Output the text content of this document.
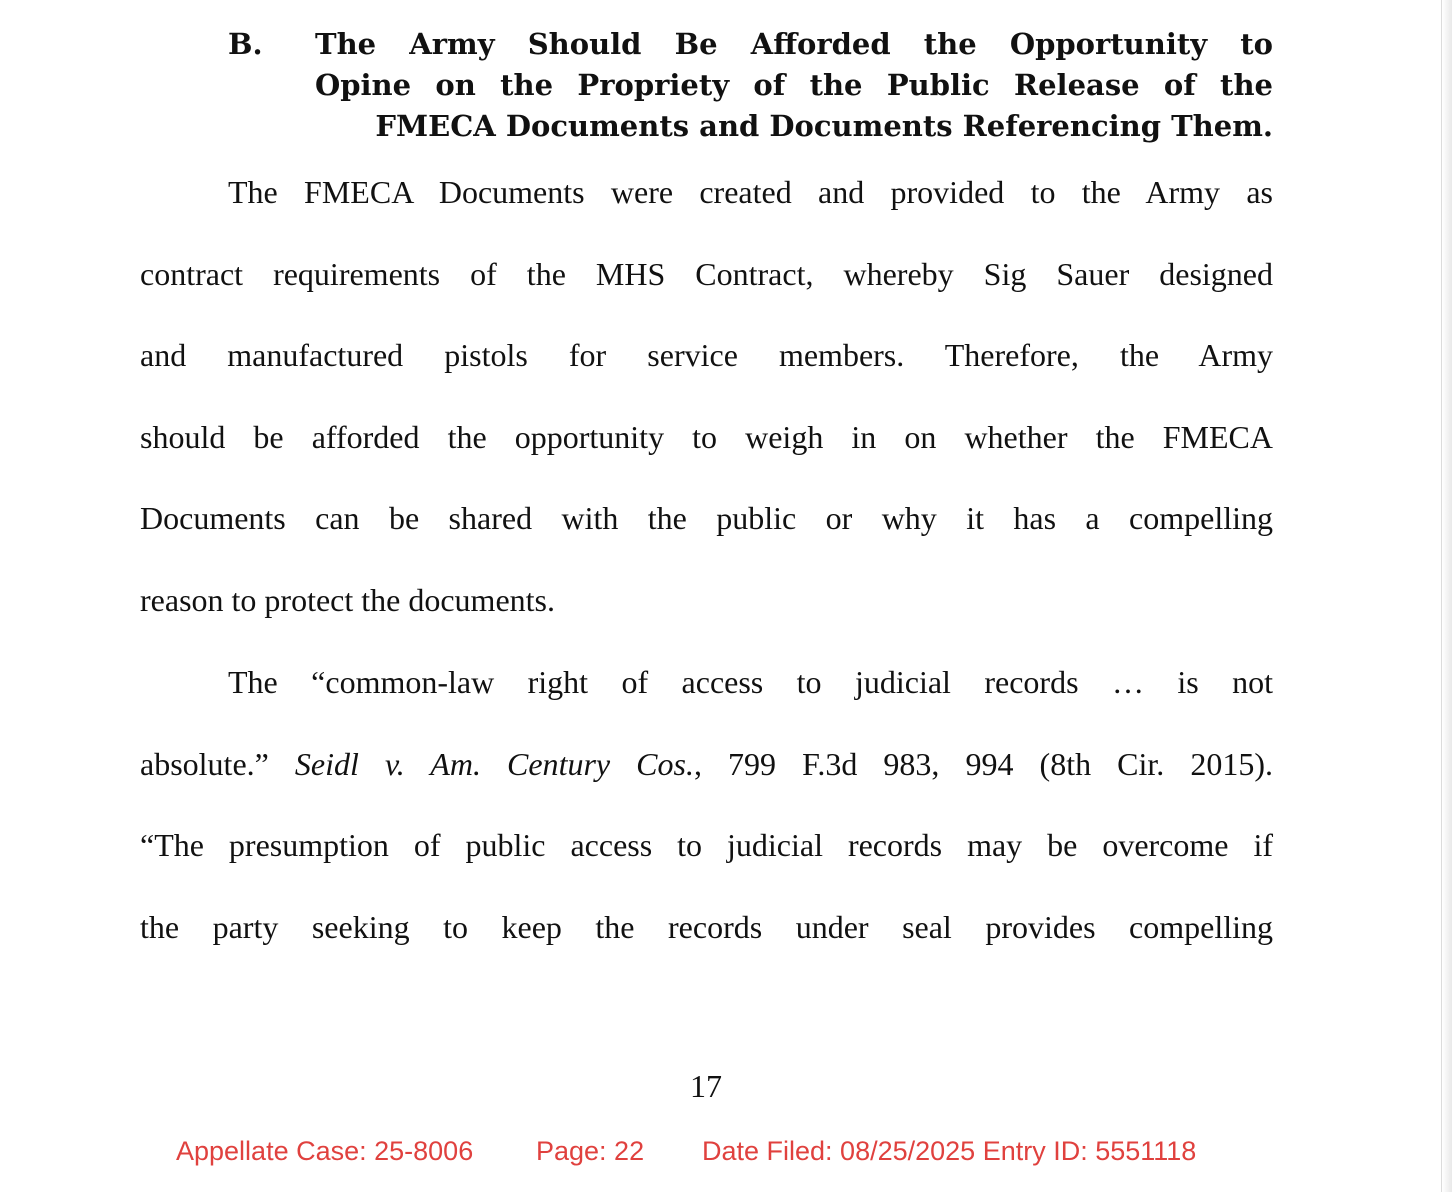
B. The Army Should Be Afforded the Opportunity to
Opine on the Propriety of the Public Release of the
FMECA Documents and Documents Referencing Them.
The FMECA Documents were created and provided to the Army as
contract requirements of the MHS Contract, whereby Sig Sauer designed
and manufactured pistols for service members. Therefore, the Army
should be afforded the opportunity to weigh in on whether the FMECA
Documents can be shared with the public or why it has a compelling
reason to protect the documents.
The “common-law right of access to judicial records … is not
absolute.” Seidl v. Am. Century Cos., 799 F.3d 983, 994 (8th Cir. 2015).
“The presumption of public access to judicial records may be overcome if
the party seeking to keep the records under seal provides compelling
17
Appellate Case: 25-8006 Page: 22 Date Filed: 08/25/2025 Entry ID: 5551118
